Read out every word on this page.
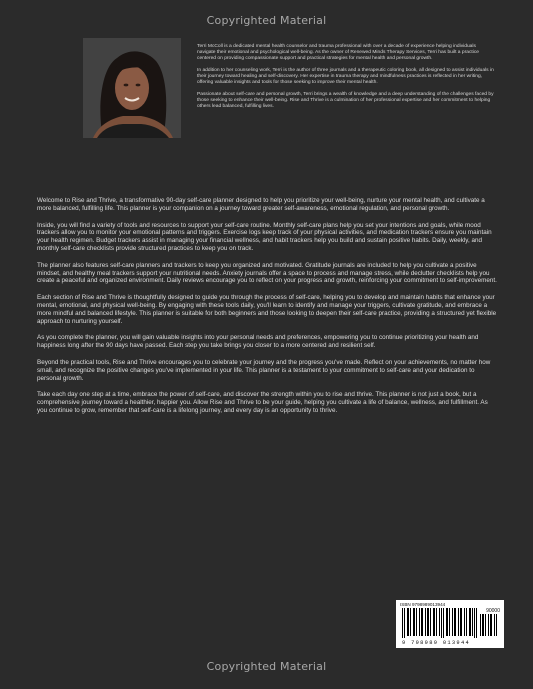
Copyrighted Material

Terri McColl is a dedicated mental health counselor and trauma professional with over a decade of experience helping individuals navigate their emotional and psychological well-being. As the owner of Renewed Minds Therapy Services, Terri has built a practice centered on providing compassionate support and practical strategies for mental health and personal growth.

In addition to her counseling work, Terri is the author of three journals and a therapeutic coloring book, all designed to assist individuals in their journey toward healing and self-discovery. Her expertise in trauma therapy and mindfulness practices is reflected in her writing, offering valuable insights and tools for those seeking to improve their mental health.

Passionate about self-care and personal growth, Terri brings a wealth of knowledge and a deep understanding of the challenges faced by those seeking to enhance their well-being. Rise and Thrive is a culmination of her professional expertise and her commitment to helping others lead balanced, fulfilling lives.

Welcome to Rise and Thrive, a transformative 90-day self-care planner designed to help you prioritize your well-being, nurture your mental health, and cultivate a more balanced, fulfilling life. This planner is your companion on a journey toward greater self-awareness, emotional regulation, and personal growth.

Inside, you will find a variety of tools and resources to support your self-care routine. Monthly self-care plans help you set your intentions and goals, while mood trackers allow you to monitor your emotional patterns and triggers. Exercise logs keep track of your physical activities, and medication trackers ensure you maintain your health regimen. Budget trackers assist in managing your financial wellness, and habit trackers help you build and sustain positive habits. Daily, weekly, and monthly self-care checklists provide structured practices to keep you on track.

The planner also features self-care planners and trackers to keep you organized and motivated. Gratitude journals are included to help you cultivate a positive mindset, and healthy meal trackers support your nutritional needs. Anxiety journals offer a space to process and manage stress, while declutter checklists help you create a peaceful and organized environment. Daily reviews encourage you to reflect on your progress and growth, reinforcing your commitment to self-improvement.

Each section of Rise and Thrive is thoughtfully designed to guide you through the process of self-care, helping you to develop and maintain habits that enhance your mental, emotional, and physical well-being. By engaging with these tools daily, you'll learn to identify and manage your triggers, cultivate gratitude, and embrace a more mindful and balanced lifestyle. This planner is suitable for both beginners and those looking to deepen their self-care practice, providing a structured yet flexible approach to nurturing yourself.

As you complete the planner, you will gain valuable insights into your personal needs and preferences, empowering you to continue prioritizing your health and happiness long after the 90 days have passed. Each step you take brings you closer to a more centered and resilient self.

Beyond the practical tools, Rise and Thrive encourages you to celebrate your journey and the progress you've made. Reflect on your achievements, no matter how small, and recognize the positive changes you've implemented in your life. This planner is a testament to your commitment to self-care and your dedication to personal growth.

Take each day one step at a time, embrace the power of self-care, and discover the strength within you to rise and thrive. This planner is not just a book, but a comprehensive journey toward a healthier, happier you. Allow Rise and Thrive to be your guide, helping you cultivate a life of balance, wellness, and fulfillment. As you continue to grow, remember that self-care is a lifelong journey, and every day is an opportunity to thrive.

ISBN 9798989013944
90000
9 798989 013944
Copyrighted Material
